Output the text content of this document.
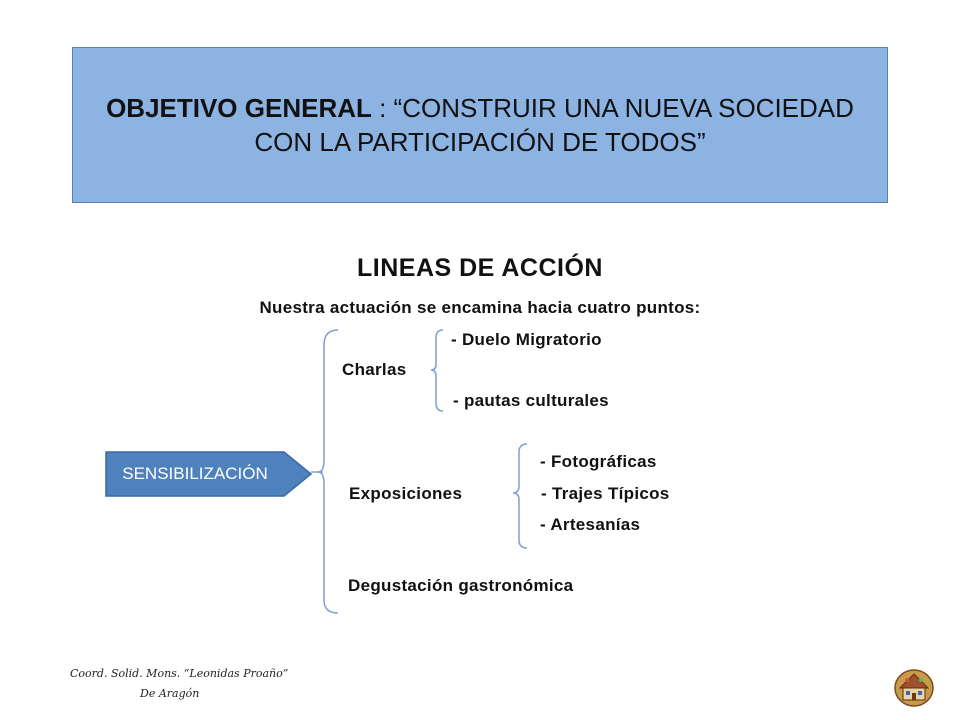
OBJETIVO GENERAL : “CONSTRUIR UNA NUEVA SOCIEDAD CON LA PARTICIPACIÓN DE TODOS”
LINEAS DE ACCIÓN
Nuestra actuación se encamina hacia cuatro puntos:
SENSIBILIZACIÓN
- Duelo Migratorio
Charlas
- pautas culturales
- Fotográficas
Exposiciones	- Trajes Típicos
- Artesanías
Degustación gastronómica
Coord. Solid. Mons. “Leonidas Proaño”
De Aragón
